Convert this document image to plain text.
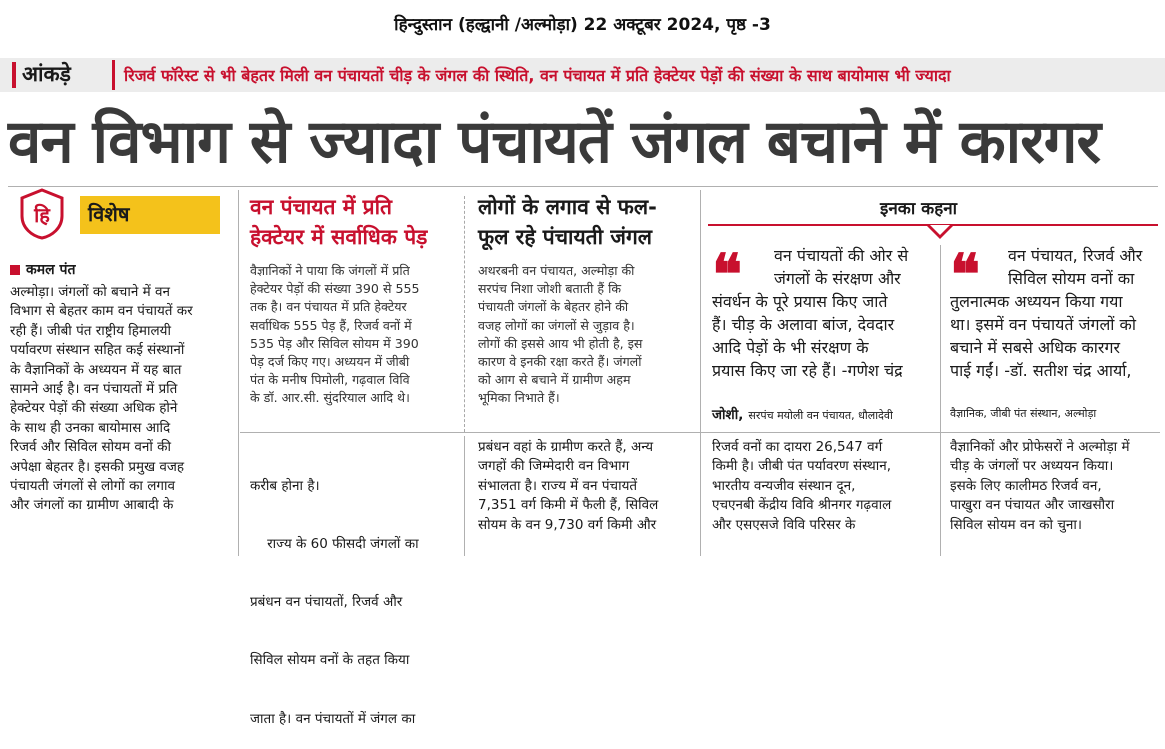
हिन्दुस्तान (हल्द्वानी /अल्मोड़ा) 22 अक्टूबर 2024, पृष्ठ -3
आंकड़े	रिजर्व फॉरेस्ट से भी बेहतर मिली वन पंचायतों चीड़ के जंगल की स्थिति, वन पंचायत में प्रति हेक्टेयर पेड़ों की संख्या के साथ बायोमास भी ज्यादा
वन विभाग से ज्यादा पंचायतें जंगल बचाने में कारगर
हि विशेष
कमल पंत
अल्मोड़ा। जंगलों को बचाने में वन
विभाग से बेहतर काम वन पंचायतें कर
रही हैं। जीबी पंत राष्ट्रीय हिमालयी
पर्यावरण संस्थान सहित कई संस्थानों
के वैज्ञानिकों के अध्ययन में यह बात
सामने आई है। वन पंचायतों में प्रति
हेक्टेयर पेड़ों की संख्या अधिक होने
के साथ ही उनका बायोमास आदि
रिजर्व और सिविल सोयम वनों की
अपेक्षा बेहतर है। इसकी प्रमुख वजह
पंचायती जंगलों से लोगों का लगाव
और जंगलों का ग्रामीण आबादी के
वन पंचायत में प्रति
हेक्टेयर में सर्वाधिक पेड़
वैज्ञानिकों ने पाया कि जंगलों में प्रति
हेक्टेयर पेड़ों की संख्या 390 से 555
तक है। वन पंचायत में प्रति हेक्टेयर
सर्वाधिक 555 पेड़ हैं, रिजर्व वनों में
535 पेड़ और सिविल सोयम में 390
पेड़ दर्ज किए गए। अध्ययन में जीबी
पंत के मनीष पिमोली, गढ़वाल विवि
के डॉ. आर.सी. सुंदरियाल आदि थे।
लोगों के लगाव से फल-
फूल रहे पंचायती जंगल
अथरबनी वन पंचायत, अल्मोड़ा की
सरपंच निशा जोशी बताती हैं कि
पंचायती जंगलों के बेहतर होने की
वजह लोगों का जंगलों से जुड़ाव है।
लोगों की इससे आय भी होती है, इस
कारण वे इनकी रक्षा करते हैं। जंगलों
को आग से बचाने में ग्रामीण अहम
भूमिका निभाते हैं।
इनका कहना
❝	वन पंचायतों की ओर से
जंगलों के संरक्षण और
संवर्धन के पूरे प्रयास किए जाते
हैं। चीड़ के अलावा बांज, देवदार
आदि पेड़ों के भी संरक्षण के
प्रयास किए जा रहे हैं। -गणेश चंद्र
जोशी, सरपंच मयोली वन पंचायत, धौलादेवी
❝	वन पंचायत, रिजर्व और
सिविल सोयम वनों का
तुलनात्मक अध्ययन किया गया
था। इसमें वन पंचायतें जंगलों को
बचाने में सबसे अधिक कारगर
पाई गईं। -डॉ. सतीश चंद्र आर्या,
वैज्ञानिक, जीबी पंत संस्थान, अल्मोड़ा

करीब होना है।

राज्य के 60 फीसदी जंगलों का

प्रबंधन वन पंचायतों, रिजर्व और

सिविल सोयम वनों के तहत किया

जाता है। वन पंचायतों में जंगल का

प्रबंधन वहां के ग्रामीण करते हैं, अन्य
जगहों की जिम्मेदारी वन विभाग
संभालता है। राज्य में वन पंचायतें
7,351 वर्ग किमी में फैली हैं, सिविल
सोयम के वन 9,730 वर्ग किमी और
रिजर्व वनों का दायरा 26,547 वर्ग
किमी है। जीबी पंत पर्यावरण संस्थान,
भारतीय वन्यजीव संस्थान दून,
एचएनबी केंद्रीय विवि श्रीनगर गढ़वाल
और एसएसजे विवि परिसर के
वैज्ञानिकों और प्रोफेसरों ने अल्मोड़ा में
चीड़ के जंगलों पर अध्ययन किया।
इसके लिए कालीमठ रिजर्व वन,
पाखुरा वन पंचायत और जाखसौरा
सिविल सोयम वन को चुना।
